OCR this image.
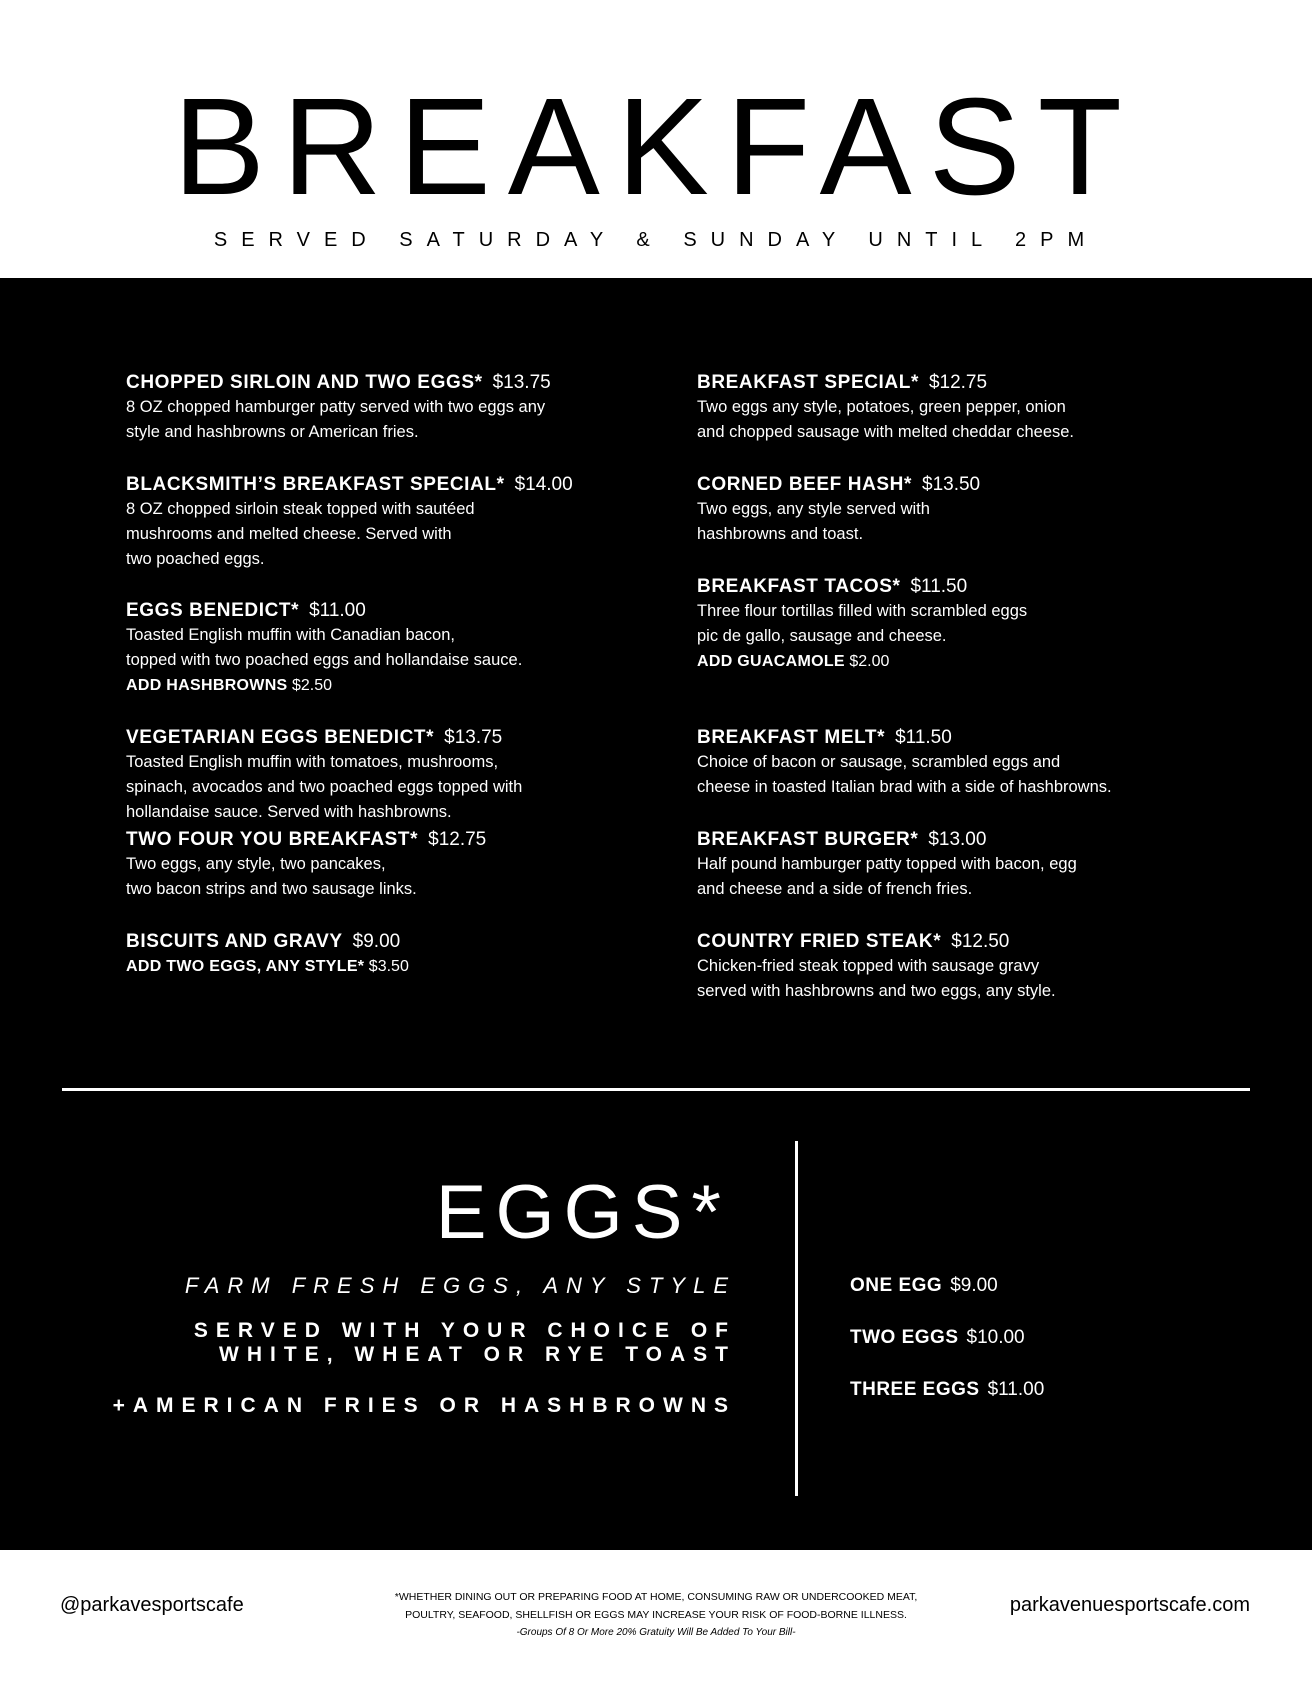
BREAKFAST

SERVED SATURDAY & SUNDAY UNTIL 2PM

CHOPPED SIRLOIN AND TWO EGGS* $13.75
8 OZ chopped hamburger patty served with two eggs any
style and hashbrowns or American fries.
BLACKSMITH’S BREAKFAST SPECIAL* $14.00
8 OZ chopped sirloin steak topped with sautéed
mushrooms and melted cheese. Served with
two poached eggs.
EGGS BENEDICT* $11.00
Toasted English muffin with Canadian bacon,
topped with two poached eggs and hollandaise sauce.
ADD HASHBROWNS $2.50
VEGETARIAN EGGS BENEDICT* $13.75
Toasted English muffin with tomatoes, mushrooms,
spinach, avocados and two poached eggs topped with
hollandaise sauce. Served with hashbrowns.
TWO FOUR YOU BREAKFAST* $12.75
Two eggs, any style, two pancakes,
two bacon strips and two sausage links.
BISCUITS AND GRAVY $9.00
ADD TWO EGGS, ANY STYLE* $3.50
BREAKFAST SPECIAL* $12.75
Two eggs any style, potatoes, green pepper, onion
and chopped sausage with melted cheddar cheese.
CORNED BEEF HASH* $13.50
Two eggs, any style served with
hashbrowns and toast.
BREAKFAST TACOS* $11.50
Three flour tortillas filled with scrambled eggs
pic de gallo, sausage and cheese.
ADD GUACAMOLE $2.00
BREAKFAST MELT* $11.50
Choice of bacon or sausage, scrambled eggs and
cheese in toasted Italian brad with a side of hashbrowns.
BREAKFAST BURGER* $13.00
Half pound hamburger patty topped with bacon, egg
and cheese and a side of french fries.
COUNTRY FRIED STEAK* $12.50
Chicken-fried steak topped with sausage gravy
served with hashbrowns and two eggs, any style.
EGGS*
FARM FRESH EGGS, ANY STYLE
SERVED WITH YOUR CHOICE OF
WHITE, WHEAT OR RYE TOAST
+AMERICAN FRIES OR HASHBROWNS
ONE EGG $9.00
TWO EGGS $10.00
THREE EGGS $11.00
@parkavesportscafe	*WHETHER DINING OUT OR PREPARING FOOD AT HOME, CONSUMING RAW OR UNDERCOOKED MEAT,
POULTRY, SEAFOOD, SHELLFISH OR EGGS MAY INCREASE YOUR RISK OF FOOD-BORNE ILLNESS.
-Groups Of 8 Or More 20% Gratuity Will Be Added To Your Bill-
parkavenuesportscafe.com
